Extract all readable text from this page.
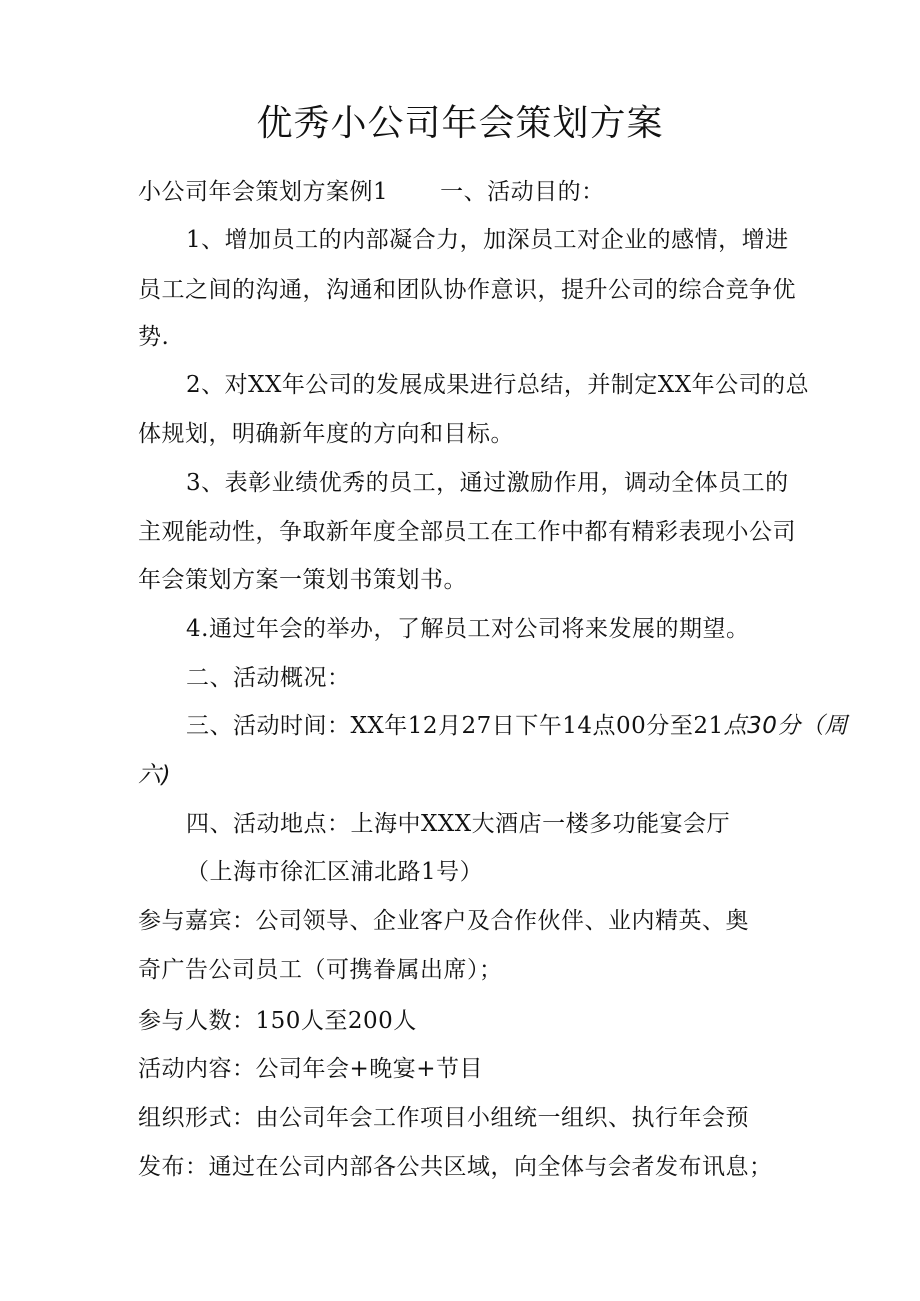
优秀小公司年会策划方案
小公司年会策划方案例1 一、活动目的：
1、增加员工的内部凝合力，加深员工对企业的感情，增进
员工之间的沟通，沟通和团队协作意识，提升公司的综合竞争优
势.
2、对XX年公司的发展成果进行总结，并制定XX年公司的总
体规划，明确新年度的方向和目标。
3、表彰业绩优秀的员工，通过激励作用，调动全体员工的
主观能动性，争取新年度全部员工在工作中都有精彩表现小公司
年会策划方案一策划书策划书。
4.通过年会的举办，了解员工对公司将来发展的期望。
二、活动概况：
三、活动时间：XX年12月27日下午14点00分至21点30分（周
六)
四、活动地点：上海中XXX大酒店一楼多功能宴会厅
（上海市徐汇区浦北路1号）
参与嘉宾：公司领导、企业客户及合作伙伴、业内精英、奥
奇广告公司员工（可携眷属出席）；
参与人数：150人至200人
活动内容：公司年会+晚宴+节目
组织形式：由公司年会工作项目小组统一组织、执行年会预
发布：通过在公司内部各公共区域，向全体与会者发布讯息；
